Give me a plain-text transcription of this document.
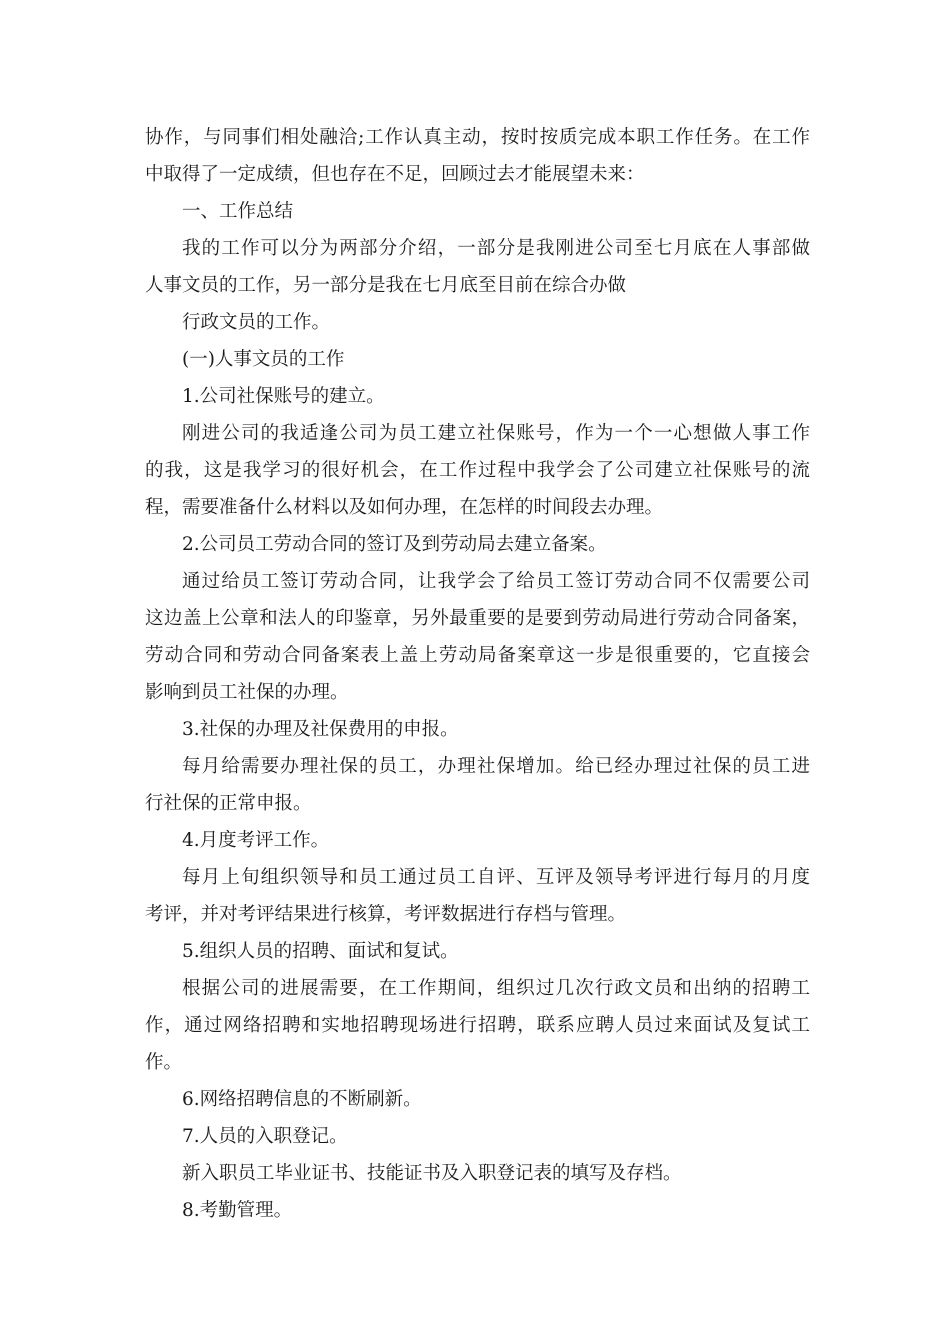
协作，与同事们相处融洽;工作认真主动，按时按质完成本职工作任务。在工作
中取得了一定成绩，但也存在不足，回顾过去才能展望未来：
一、工作总结
我的工作可以分为两部分介绍，一部分是我刚进公司至七月底在人事部做
人事文员的工作，另一部分是我在七月底至目前在综合办做
行政文员的工作。
(一)人事文员的工作
1.公司社保账号的建立。
刚进公司的我适逢公司为员工建立社保账号，作为一个一心想做人事工作
的我，这是我学习的很好机会，在工作过程中我学会了公司建立社保账号的流
程，需要准备什么材料以及如何办理，在怎样的时间段去办理。
2.公司员工劳动合同的签订及到劳动局去建立备案。
通过给员工签订劳动合同，让我学会了给员工签订劳动合同不仅需要公司
这边盖上公章和法人的印鉴章，另外最重要的是要到劳动局进行劳动合同备案，
劳动合同和劳动合同备案表上盖上劳动局备案章这一步是很重要的，它直接会
影响到员工社保的办理。
3.社保的办理及社保费用的申报。
每月给需要办理社保的员工，办理社保增加。给已经办理过社保的员工进
行社保的正常申报。
4.月度考评工作。
每月上旬组织领导和员工通过员工自评、互评及领导考评进行每月的月度
考评，并对考评结果进行核算，考评数据进行存档与管理。
5.组织人员的招聘、面试和复试。
根据公司的进展需要，在工作期间，组织过几次行政文员和出纳的招聘工
作，通过网络招聘和实地招聘现场进行招聘，联系应聘人员过来面试及复试工
作。
6.网络招聘信息的不断刷新。
7.人员的入职登记。
新入职员工毕业证书、技能证书及入职登记表的填写及存档。
8.考勤管理。
